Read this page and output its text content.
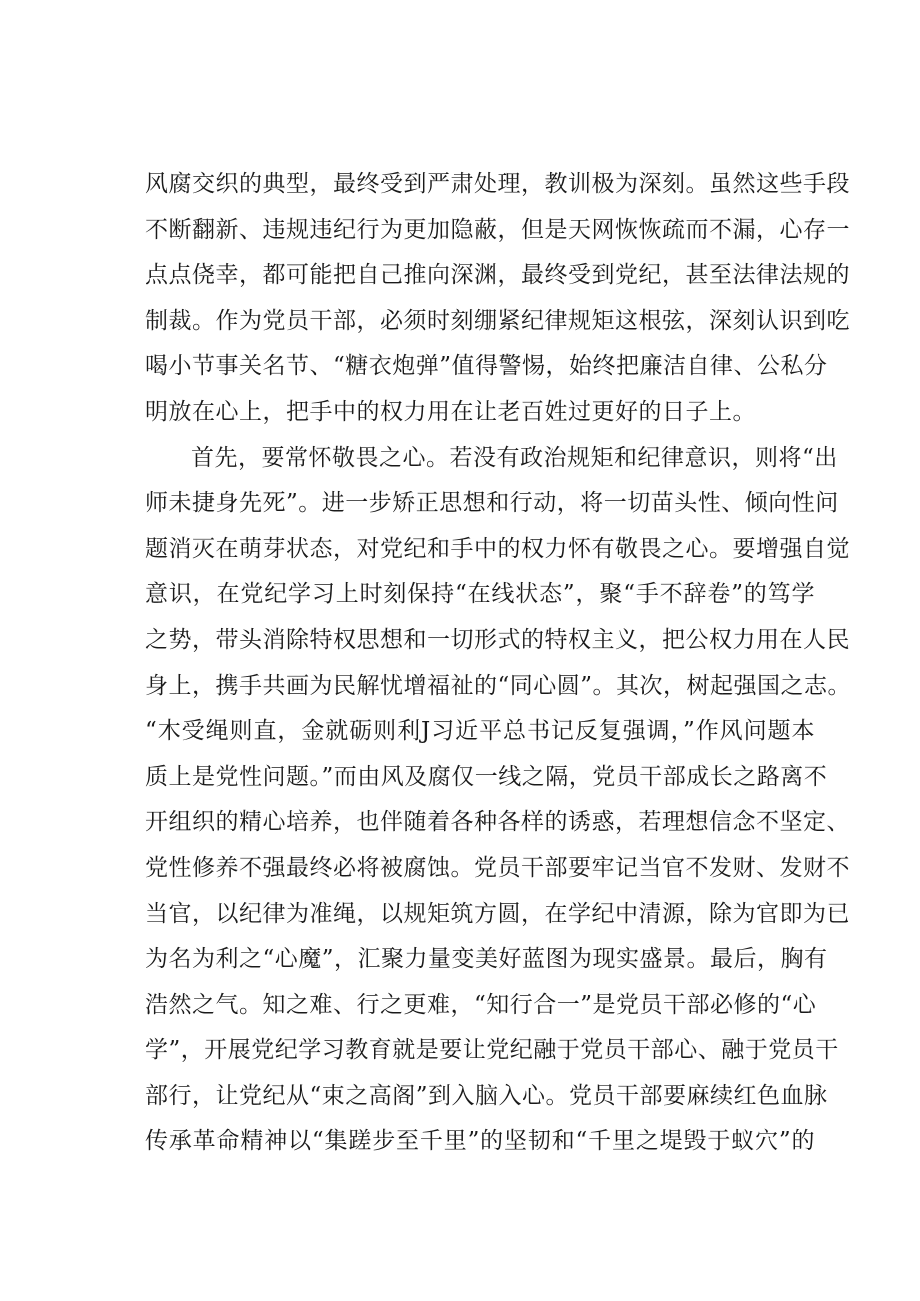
风腐交织的典型，最终受到严肃处理，教训极为深刻。虽然这些手段
不断翻新、违规违纪行为更加隐蔽，但是天网恢恢疏而不漏，心存一
点点侥幸，都可能把自己推向深渊，最终受到党纪，甚至法律法规的
制裁。作为党员干部，必须时刻绷紧纪律规矩这根弦，深刻认识到吃
喝小节事关名节、“糖衣炮弹”值得警惕，始终把廉洁自律、公私分
明放在心上，把手中的权力用在让老百姓过更好的日子上。
首先，要常怀敬畏之心。若没有政治规矩和纪律意识，则将“出
师未捷身先死”。进一步矫正思想和行动，将一切苗头性、倾向性问
题消灭在萌芽状态，对党纪和手中的权力怀有敬畏之心。要增强自觉
意识，在党纪学习上时刻保持“在线状态”，聚“手不辞卷”的笃学
之势，带头消除特权思想和一切形式的特权主义，把公权力用在人民
身上，携手共画为民解忧增福祉的“同心圆”。其次，树起强国之志。
“木受绳则直，金就砺则利J习近平总书记反复强调，”作风问题本
质上是党性问题。”而由风及腐仅一线之隔，党员干部成长之路离不
开组织的精心培养，也伴随着各种各样的诱惑，若理想信念不坚定、
党性修养不强最终必将被腐蚀。党员干部要牢记当官不发财、发财不
当官，以纪律为准绳，以规矩筑方圆，在学纪中清源，除为官即为已
为名为利之“心魔”，汇聚力量变美好蓝图为现实盛景。最后，胸有
浩然之气。知之难、行之更难，“知行合一”是党员干部必修的“心
学”，开展党纪学习教育就是要让党纪融于党员干部心、融于党员干
部行，让党纪从“束之高阁”到入脑入心。党员干部要麻续红色血脉
传承革命精神以“集蹉步至千里”的坚韧和“千里之堤毁于蚁穴”的
